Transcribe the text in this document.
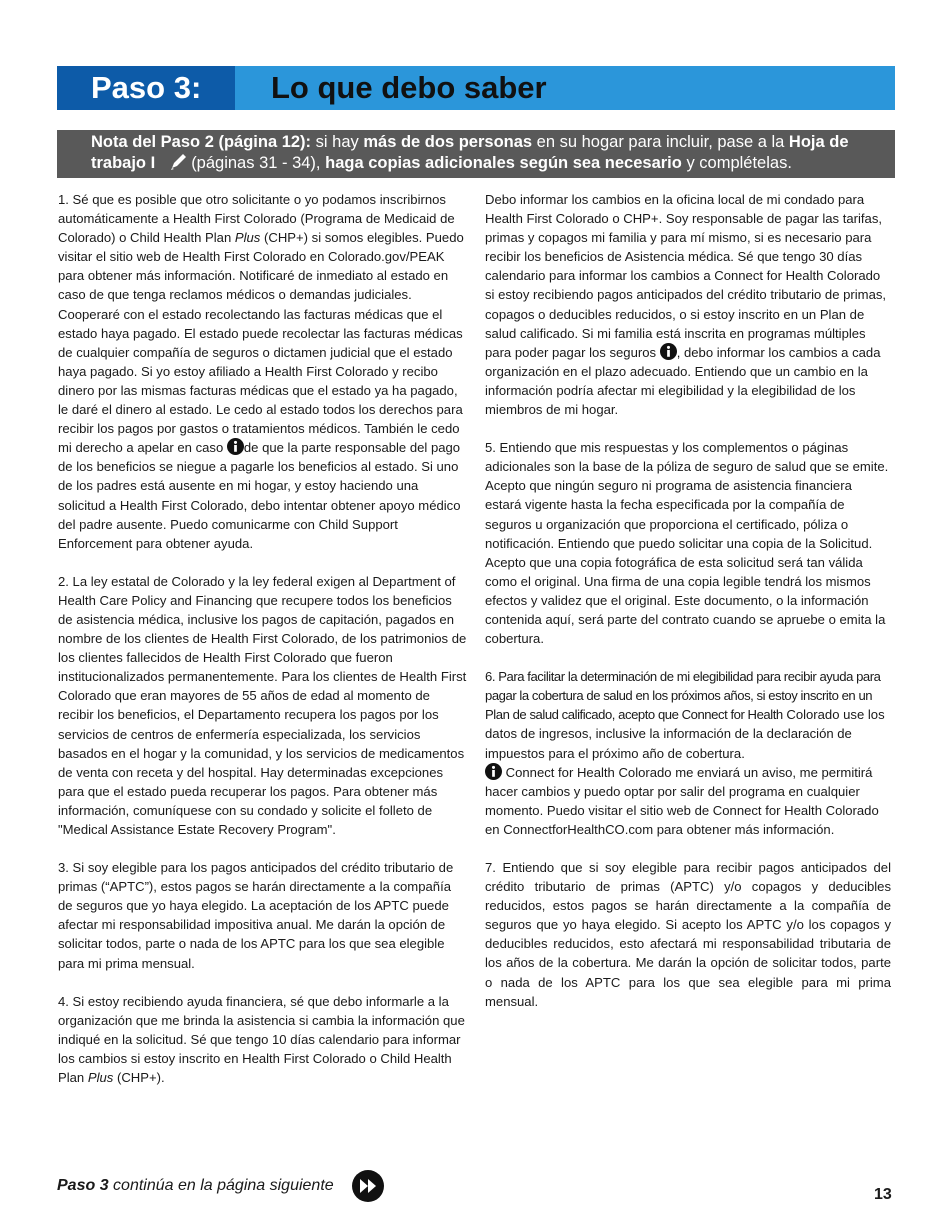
Paso 3:	Lo que debo saber
Nota del Paso 2 (página 12): si hay más de dos personas en su hogar para incluir, pase a la Hoja de trabajo I (páginas 31 - 34), haga copias adicionales según sea necesario y complételas.

1. Sé que es posible que otro solicitante o yo podamos inscribirnos automáticamente a Health First Colorado (Programa de Medicaid de Colorado) o Child Health Plan Plus (CHP+) si somos elegibles. Puedo visitar el sitio web de Health First Colorado en Colorado.gov/PEAK para obtener más información. Notificaré de inmediato al estado en caso de que tenga reclamos médicos o demandas judiciales. Cooperaré con el estado recolectando las facturas médicas que el estado haya pagado. El estado puede recolectar las facturas médicas de cualquier compañía de seguros o dictamen judicial que el estado haya pagado. Si yo estoy afiliado a Health First Colorado y recibo dinero por las mismas facturas médicas que el estado ya ha pagado, le daré el dinero al estado. Le cedo al estado todos los derechos para recibir los pagos por gastos o tratamientos médicos. También le cedo mi derecho a apelar en caso de que la parte responsable del pago de los beneficios se niegue a pagarle los beneficios al estado. Si uno de los padres está ausente en mi hogar, y estoy haciendo una solicitud a Health First Colorado, debo intentar obtener apoyo médico del padre ausente. Puedo comunicarme con Child Support Enforcement para obtener ayuda.

2. La ley estatal de Colorado y la ley federal exigen al Department of Health Care Policy and Financing que recupere todos los beneficios de asistencia médica, inclusive los pagos de capitación, pagados en nombre de los clientes de Health First Colorado, de los patrimonios de los clientes fallecidos de Health First Colorado que fueron institucionalizados permanentemente. Para los clientes de Health First Colorado que eran mayores de 55 años de edad al momento de recibir los beneficios, el Departamento recupera los pagos por los servicios de centros de enfermería especializada, los servicios basados en el hogar y la comunidad, y los servicios de medicamentos de venta con receta y del hospital. Hay determinadas excepciones para que el estado pueda recuperar los pagos. Para obtener más información, comuníquese con su condado y solicite el folleto de "Medical Assistance Estate Recovery Program".

3. Si soy elegible para los pagos anticipados del crédito tributario de primas (“APTC”), estos pagos se harán directamente a la compañía de seguros que yo haya elegido. La aceptación de los APTC puede afectar mi responsabilidad impositiva anual. Me darán la opción de solicitar todos, parte o nada de los APTC para los que sea elegible para mi prima mensual.

4. Si estoy recibiendo ayuda financiera, sé que debo informarle a la organización que me brinda la asistencia si cambia la información que indiqué en la solicitud. Sé que tengo 10 días calendario para informar los cambios si estoy inscrito en Health First Colorado o Child Health Plan Plus (CHP+).

Debo informar los cambios en la oficina local de mi condado para Health First Colorado o CHP+. Soy responsable de pagar las tarifas, primas y copagos mi familia y para mí mismo, si es necesario para recibir los beneficios de Asistencia médica. Sé que tengo 30 días calendario para informar los cambios a Connect for Health Colorado si estoy recibiendo pagos anticipados del crédito tributario de primas, copagos o deducibles reducidos, o si estoy inscrito en un Plan de salud calificado. Si mi familia está inscrita en programas múltiples para poder pagar los seguros , debo informar los cambios a cada organización en el plazo adecuado. Entiendo que un cambio en la información podría afectar mi elegibilidad y la elegibilidad de los miembros de mi hogar.

5. Entiendo que mis respuestas y los complementos o páginas adicionales son la base de la póliza de seguro de salud que se emite. Acepto que ningún seguro ni programa de asistencia financiera estará vigente hasta la fecha especificada por la compañía de seguros u organización que proporciona el certificado, póliza o notificación. Entiendo que puedo solicitar una copia de la Solicitud. Acepto que una copia fotográfica de esta solicitud será tan válida como el original. Una firma de una copia legible tendrá los mismos efectos y validez que el original. Este documento, o la información contenida aquí, será parte del contrato cuando se apruebe o emita la cobertura.

6. Para facilitar la determinación de mi elegibilidad para recibir ayuda para pagar la cobertura de salud en los próximos años, si estoy inscrito en un Plan de salud calificado, acepto que Connect for Health Colorado use los datos de ingresos, inclusive la información de la declaración de impuestos para el próximo año de cobertura.
Connect for Health Colorado me enviará un aviso, me permitirá hacer cambios y puedo optar por salir del programa en cualquier momento. Puedo visitar el sitio web de Connect for Health Colorado en ConnectforHealthCO.com para obtener más información.

7. Entiendo que si soy elegible para recibir pagos anticipados del crédito tributario de primas (APTC) y/o copagos y deducibles reducidos, estos pagos se harán directamente a la compañía de seguros que yo haya elegido. Si acepto los APTC y/o los copagos y deducibles reducidos, esto afectará mi responsabilidad tributaria de los años de la cobertura. Me darán la opción de solicitar todos, parte o nada de los APTC para los que sea elegible para mi prima mensual.

Paso 3 continúa en la página siguiente
13
